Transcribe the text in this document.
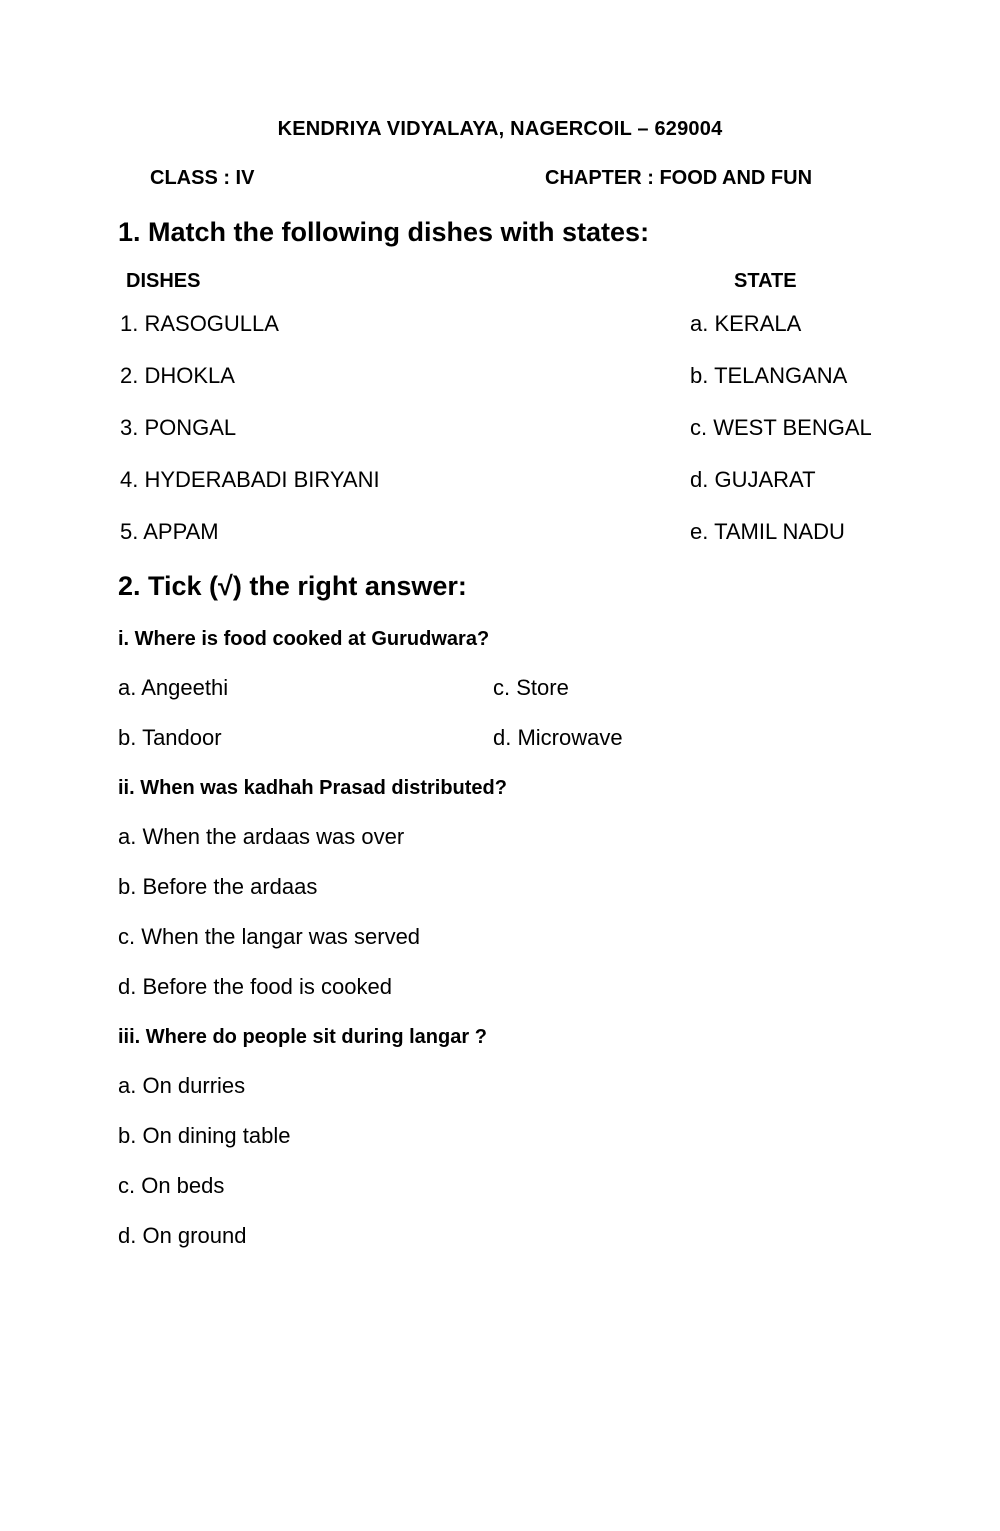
KENDRIYA VIDYALAYA, NAGERCOIL – 629004
CLASS : IV	CHAPTER : FOOD AND FUN
1. Match the following dishes with states:
DISHES	STATE
1. RASOGULLA	a. KERALA
2. DHOKLA	b. TELANGANA
3. PONGAL	c. WEST BENGAL
4. HYDERABADI BIRYANI	d. GUJARAT
5. APPAM	e. TAMIL NADU
2. Tick (√) the right answer:
i. Where is food cooked at Gurudwara?
a. Angeethi	c. Store
b. Tandoor	d. Microwave
ii. When was kadhah Prasad distributed?
a. When the ardaas was over
b. Before the ardaas
c. When the langar was served
d. Before the food is cooked
iii. Where do people sit during langar ?
a. On durries
b. On dining table
c. On beds
d. On ground
